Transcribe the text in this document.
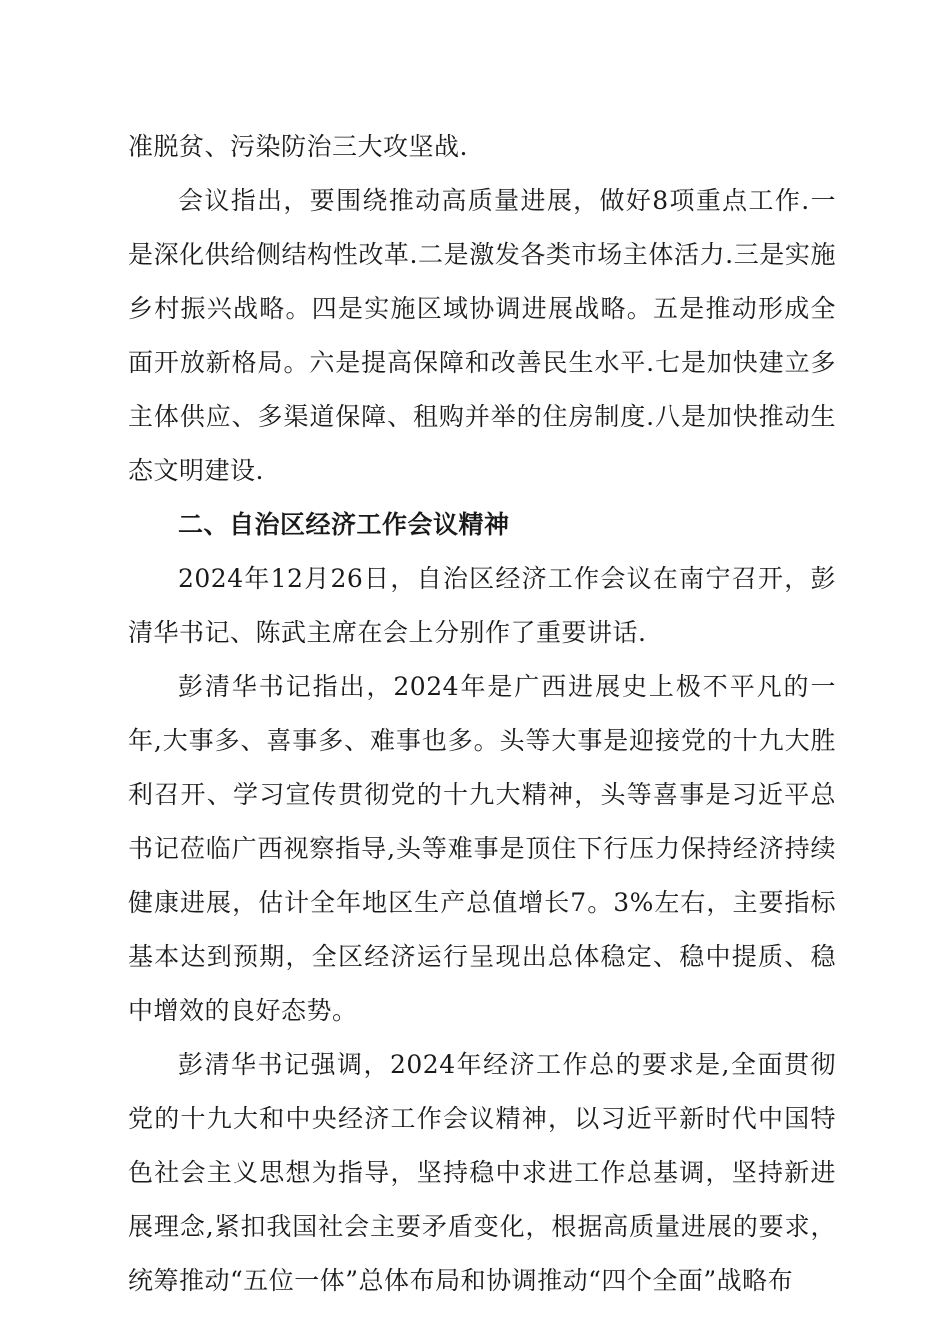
准脱贫、污染防治三大攻坚战.

会议指出，要围绕推动高质量进展，做好8项重点工作.一是深化供给侧结构性改革.二是激发各类市场主体活力.三是实施乡村振兴战略。四是实施区域协调进展战略。五是推动形成全面开放新格局。六是提高保障和改善民生水平.七是加快建立多主体供应、多渠道保障、租购并举的住房制度.八是加快推动生态文明建设.

二、自治区经济工作会议精神

2024年12月26日，自治区经济工作会议在南宁召开，彭清华书记、陈武主席在会上分别作了重要讲话.

彭清华书记指出，2024年是广西进展史上极不平凡的一年,大事多、喜事多、难事也多。头等大事是迎接党的十九大胜利召开、学习宣传贯彻党的十九大精神，头等喜事是习近平总书记莅临广西视察指导,头等难事是顶住下行压力保持经济持续健康进展，估计全年地区生产总值增长7。3%左右，主要指标基本达到预期，全区经济运行呈现出总体稳定、稳中提质、稳中增效的良好态势。

彭清华书记强调，2024年经济工作总的要求是,全面贯彻党的十九大和中央经济工作会议精神，以习近平新时代中国特色社会主义思想为指导，坚持稳中求进工作总基调，坚持新进展理念,紧扣我国社会主要矛盾变化，根据高质量进展的要求，统筹推动“五位一体”总体布局和协调推动“四个全面”战略布
